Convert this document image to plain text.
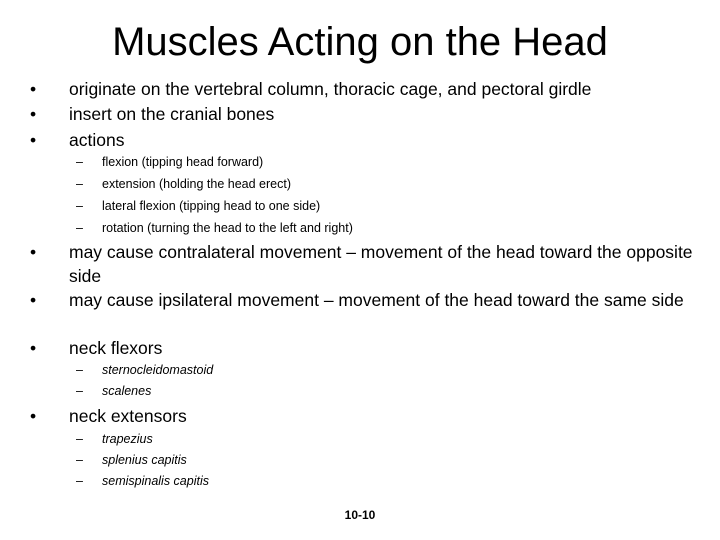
Muscles Acting on the Head
•	originate on the vertebral column, thoracic cage, and pectoral girdle
•	insert on the cranial bones
•	actions
– flexion (tipping head forward)
– extension (holding the head erect)
– lateral flexion (tipping head to one side)
– rotation (turning the head to the left and right)
•	may cause contralateral movement – movement of the head toward the opposite side
•	may cause ipsilateral movement – movement of the head toward the same side
•	neck flexors
– sternocleidomastoid
– scalenes
•	neck extensors
– trapezius
– splenius capitis
– semispinalis capitis
10-10
